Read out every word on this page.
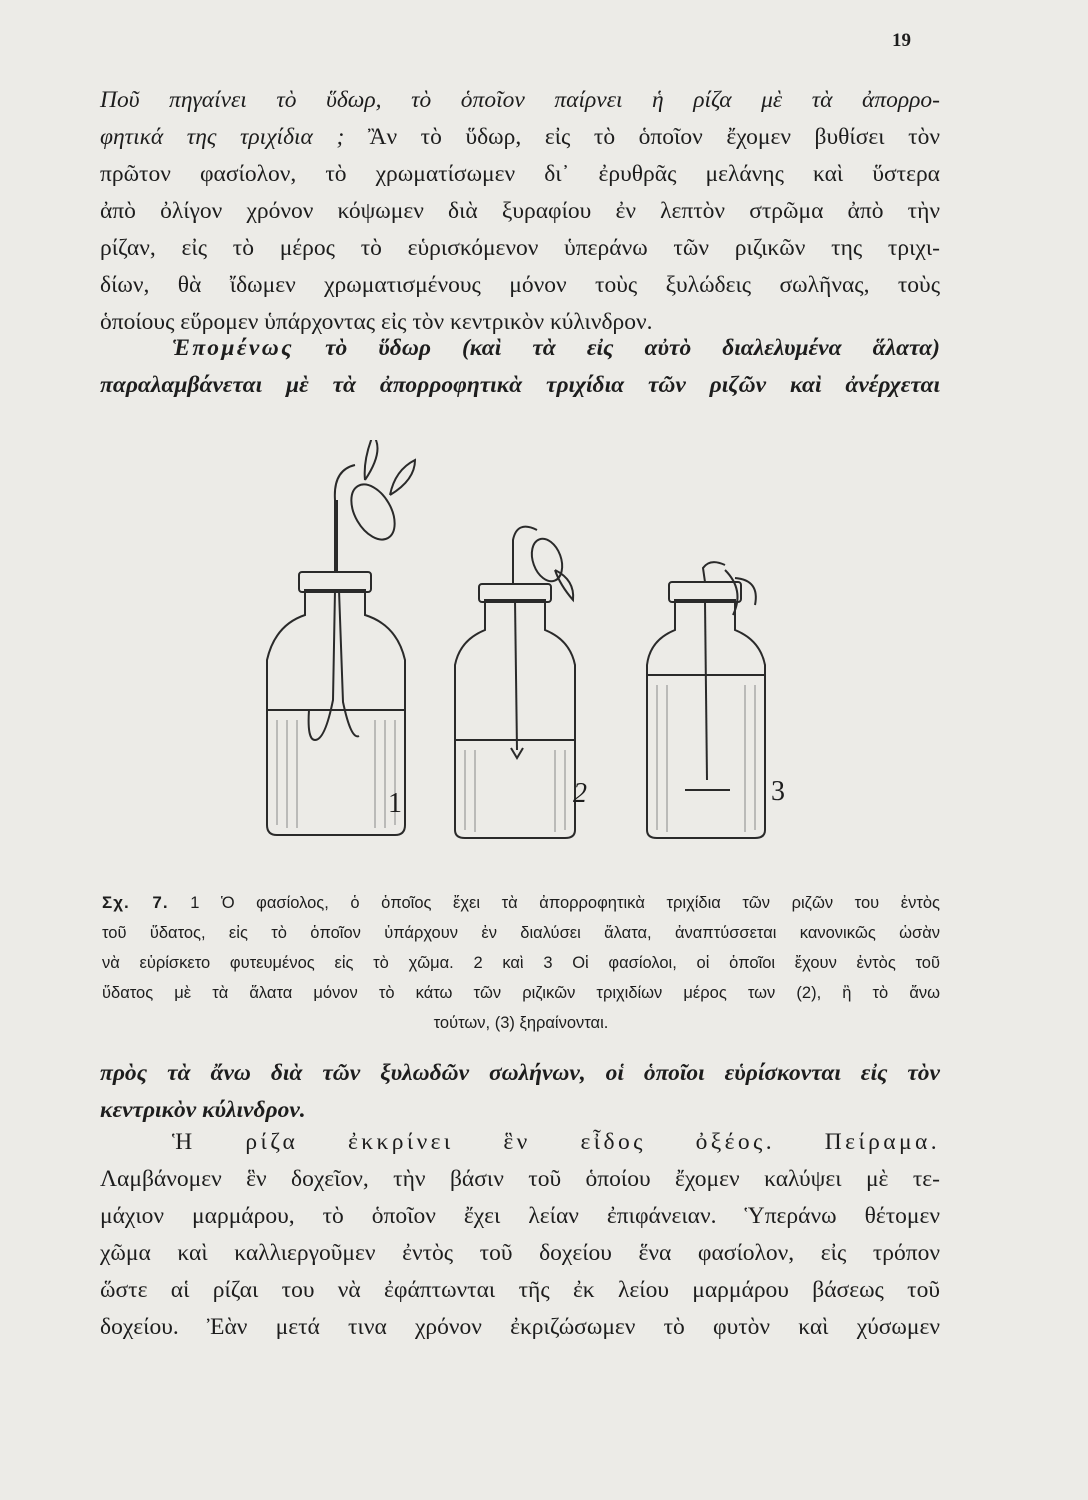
19
Ποῦ πηγαίνει τὸ ὕδωρ, τὸ ὁποῖον παίρνει ἡ ρίζα μὲ τὰ ἀπορρο-
φητικά της τριχίδια ; Ἂν τὸ ὕδωρ, εἰς τὸ ὁποῖον ἔχομεν βυθίσει τὸν
πρῶτον φασίολον, τὸ χρωματίσωμεν δι᾽ ἐρυθρᾶς μελάνης καὶ ὕστερα
ἀπὸ ὀλίγον χρόνον κόψωμεν διὰ ξυραφίου ἐν λεπτὸν στρῶμα ἀπὸ τὴν
ρίζαν, εἰς τὸ μέρος τὸ εὑρισκόμενον ὑπεράνω τῶν ριζικῶν της τριχι-
δίων, θὰ ἴδωμεν χρωματισμένους μόνον τοὺς ξυλώδεις σωλῆνας, τοὺς
ὁποίους εὕρομεν ὑπάρχοντας εἰς τὸν κεντρικὸν κύλινδρον.
Ἑπομένως τὸ ὕδωρ (καὶ τὰ εἰς αὐτὸ διαλελυμένα ἅλατα)
παραλαμβάνεται μὲ τὰ ἀπορροφητικὰ τριχίδια τῶν ριζῶν καὶ ἀνέρχεται
1	2	3
Σχ. 7. 1 Ὁ φασίολος, ὁ ὁποῖος ἔχει τὰ ἀπορροφητικὰ τριχίδια τῶν ριζῶν του ἐντὸς
τοῦ ὕδατος, εἰς τὸ ὁποῖον ὑπάρχουν ἐν διαλύσει ἅλατα, ἀναπτύσσεται κανονικῶς ὡσὰν
νὰ εὑρίσκετο φυτευμένος εἰς τὸ χῶμα. 2 καὶ 3 Οἱ φασίολοι, οἱ ὁποῖοι ἔχουν ἐντὸς τοῦ
ὕδατος μὲ τὰ ἅλατα μόνον τὸ κάτω τῶν ριζικῶν τριχιδίων μέρος των (2), ἢ τὸ ἄνω
τούτων, (3) ξηραίνονται.
πρὸς τὰ ἄνω διὰ τῶν ξυλωδῶν σωλήνων, οἱ ὁποῖοι εὑρίσκονται εἰς τὸν
κεντρικὸν κύλινδρον.
Ἡ ρίζα ἐκκρίνει ἓν εἶδος ὀξέος. Πείραμα.
Λαμβάνομεν ἓν δοχεῖον, τὴν βάσιν τοῦ ὁποίου ἔχομεν καλύψει μὲ τε-
μάχιον μαρμάρου, τὸ ὁποῖον ἔχει λείαν ἐπιφάνειαν. Ὑπεράνω θέτομεν
χῶμα καὶ καλλιεργοῦμεν ἐντὸς τοῦ δοχείου ἕνα φασίολον, εἰς τρόπον
ὥστε αἱ ρίζαι του νὰ ἐφάπτωνται τῆς ἐκ λείου μαρμάρου βάσεως τοῦ
δοχείου. Ἐὰν μετά τινα χρόνον ἐκριζώσωμεν τὸ φυτὸν καὶ χύσωμεν
